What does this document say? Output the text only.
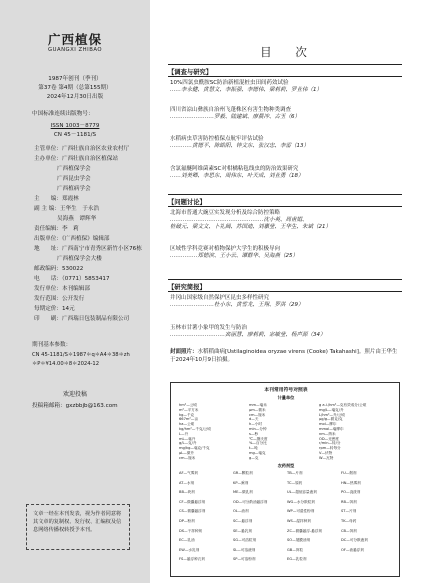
广西植保
GUANGXI ZHIBAO
1987年创刊（季刊）
第37卷 第4期（总第155期）
2024年12月30日出版
中国标准连续出版物号：
ISSN 1003－8779
CN 45－1181/S
主管单位：广西壮族自治区农业农村厅
主办单位：广西壮族自治区植保站
广西植保学会
广西昆虫学会
广西植病学会
主　　编：郑霞林
副 主 编：王华生　于永浩
吴海燕　谭辉华
责任编辑：李　莉
出版单位：《广西植保》编辑部
地　　址：广西南宁市青秀区新竹小区76栋
广西植保学会大楼
邮政编码：530022
电　　话：（0771）5853417
发行单位：本刊编辑部
发行范围：公开发行
每期定价：14元
印　　刷：广西瑞日包装制品有限公司
期刊基本参数：
CN 45-1181/S＊1987＊q＊A4＊38＊zh
＊P＊¥14.00＊8＊2024-12
欢迎投稿
投稿箱邮箱：gxzbbjb@163.com
文章一经在本刊发表，视为作者同意将其文章的复制权、发行权、汇编权及信息网络传播权转授予本刊。
目 次
【调查与研究】
10%四氯虫酰胺SC防治新植混桩虫田间药效试验
……李永健、黄慧文、李振强、李德伟、梁莉莉、罗业伟（1）
四川省凉山彝族自治州飞蓬株区有害生物种类调查
……………………罗毅、陆建斌、廖晨冲、古玉（6）
水稻病虫草害防控植保点航牢评估试验
…………黄德平、陈皓阳、钟文东、张汉忠、李雷（13）
含氯氟醚阿维菌素SC对柑橘粘毡线虫的防治效果研究
……刘美卿、李思东、周伟东、叶天成、刘业勇（18）
【问题讨论】
北海市普通大豌豆实发现分析及综合防控策略
……………………………………………沈小英、周甫娟、
桩破元、梁文文、卜礼阔、苏国迪、刘嘉莹、王华生、朱斌（21）
区域性学科竞赛对植物保护大学生的积极导向
……………郑德滨、王小云、谭群华、吴海燕（25）
【研究简报】
井冈山国家级自然保护区昆虫多样性研究
……………………杜小东、黄雪龙、王翔、罗洪（29）
玉林市甘薯小象甲的发生与防治
…………………………宾丽慧、廖莉莉、宓敏莹、杨声源（34）
封面照片：水稻稻曲病[Ustilaginoidea oryzae virens (Cooke) Takahashi]。照片由王华生于2024年10月9日拍摄。
本刊常用符号对照表
计量单位
农药剂型
hm²—公顷
m²—平方米
kg—千克
667m²—亩
ha—公顷
kg/hm²—千克/公顷
L—升
mL—毫升
g/L—克/升
mg/kg—毫克/千克
μL—微升
cm—厘米
mm—毫米
μm—微米
cm—厘米
d—天
h—小时
min—分钟
s—秒
℃—摄氏度
%—百分比
t—吨
mg—毫克
g—克
g a.i./hm²—克有效成分/公顷
mg/L—毫克/升
L/hm²—升/公顷
μg/g—微克/克
mol—摩尔
mmol—毫摩尔
nm—纳米
OD—光密度
r/min—转/分
rpm—转每分
V—伏特
W—瓦特
AF—气雾剂
AT—水剂
BB—块剂
CF—微囊悬浮剂
CS—微囊悬浮剂
DP—粉剂
DS—干拌种剂
EC—乳油
EW—水乳剂
FS—悬浮种衣剂
GR—颗粒剂
KP—熏剂
ME—微乳剂
OD—可分散油悬浮剂
OL—油剂
SC—悬浮剂
SE—悬乳剂
SG—可溶粒剂
SL—可溶液剂
SP—可溶粉剂
TB—片剂
TC—原药
UL—超低容量液剂
WG—水分散粒剂
WP—可湿性粉剂
WS—湿拌种剂
ZC—微囊悬浮-悬浮剂
SO—展膜油剂
GB—饵粒
EG—乳粒剂
FU—烟剂
HN—热雾剂
PO—浇泼剂
RB—饵剂
ST—片剂
TK—母药
CB—饵剂
DC—可分散液剂
OF—油悬浮剂
